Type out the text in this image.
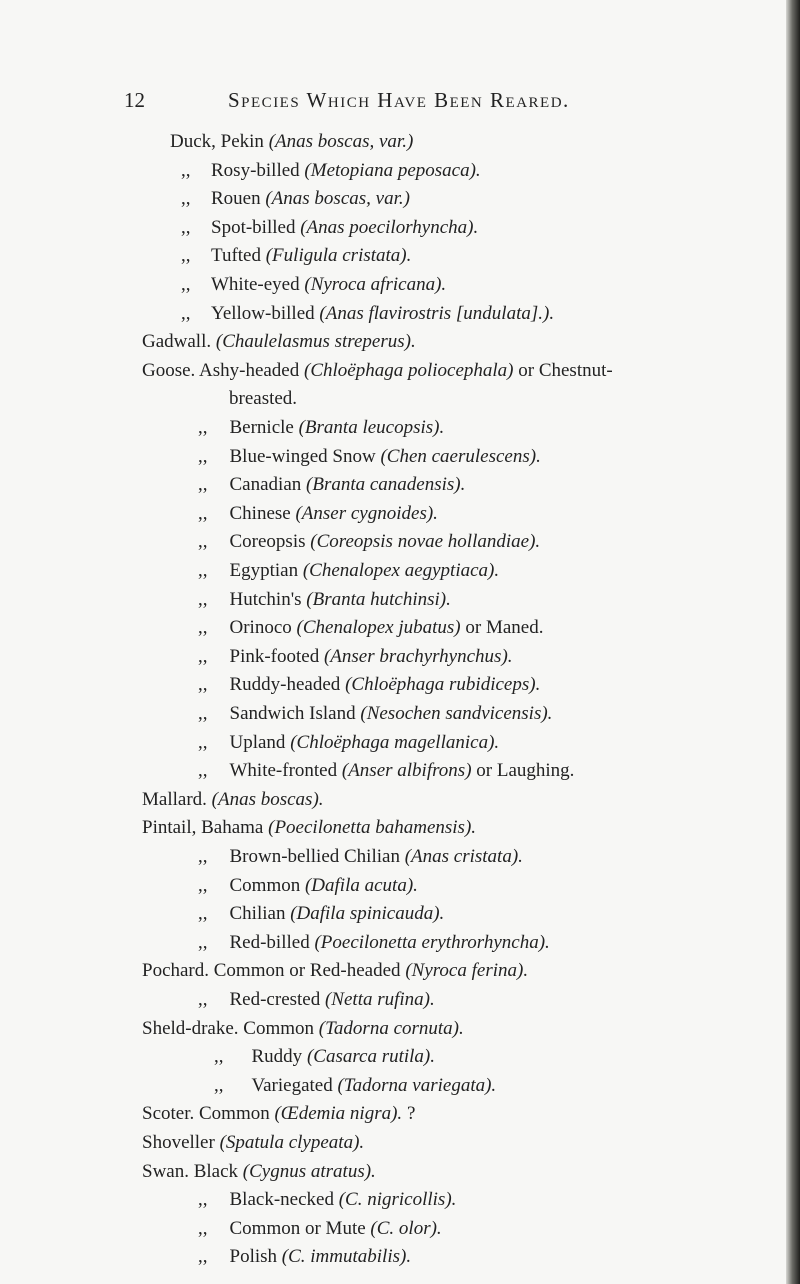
12	Species Which Have Been Reared.
Duck, Pekin (Anas boscas, var.)
,, Rosy-billed (Metopiana peposaca).
,, Rouen (Anas boscas, var.)
,, Spot-billed (Anas poecilorhyncha).
,, Tufted (Fuligula cristata).
,, White-eyed (Nyroca africana).
,, Yellow-billed (Anas flavirostris [undulata].).
Gadwall. (Chaulelasmus streperus).
Goose. Ashy-headed (Chloëphaga poliocephala) or Chestnut-
breasted.
,, Bernicle (Branta leucopsis).
,, Blue-winged Snow (Chen caerulescens).
,, Canadian (Branta canadensis).
,, Chinese (Anser cygnoides).
,, Coreopsis (Coreopsis novae hollandiae).
,, Egyptian (Chenalopex aegyptiaca).
,, Hutchin's (Branta hutchinsi).
,, Orinoco (Chenalopex jubatus) or Maned.
,, Pink-footed (Anser brachyrhynchus).
,, Ruddy-headed (Chloëphaga rubidiceps).
,, Sandwich Island (Nesochen sandvicensis).
,, Upland (Chloëphaga magellanica).
,, White-fronted (Anser albifrons) or Laughing.
Mallard. (Anas boscas).
Pintail, Bahama (Poecilonetta bahamensis).
,, Brown-bellied Chilian (Anas cristata).
,, Common (Dafila acuta).
,, Chilian (Dafila spinicauda).
,, Red-billed (Poecilonetta erythrorhyncha).
Pochard. Common or Red-headed (Nyroca ferina).
,, Red-crested (Netta rufina).
Sheld-drake. Common (Tadorna cornuta).
,, Ruddy (Casarca rutila).
,, Variegated (Tadorna variegata).
Scoter. Common (Œdemia nigra). ?
Shoveller (Spatula clypeata).
Swan. Black (Cygnus atratus).
,, Black-necked (C. nigricollis).
,, Common or Mute (C. olor).
,, Polish (C. immutabilis).
